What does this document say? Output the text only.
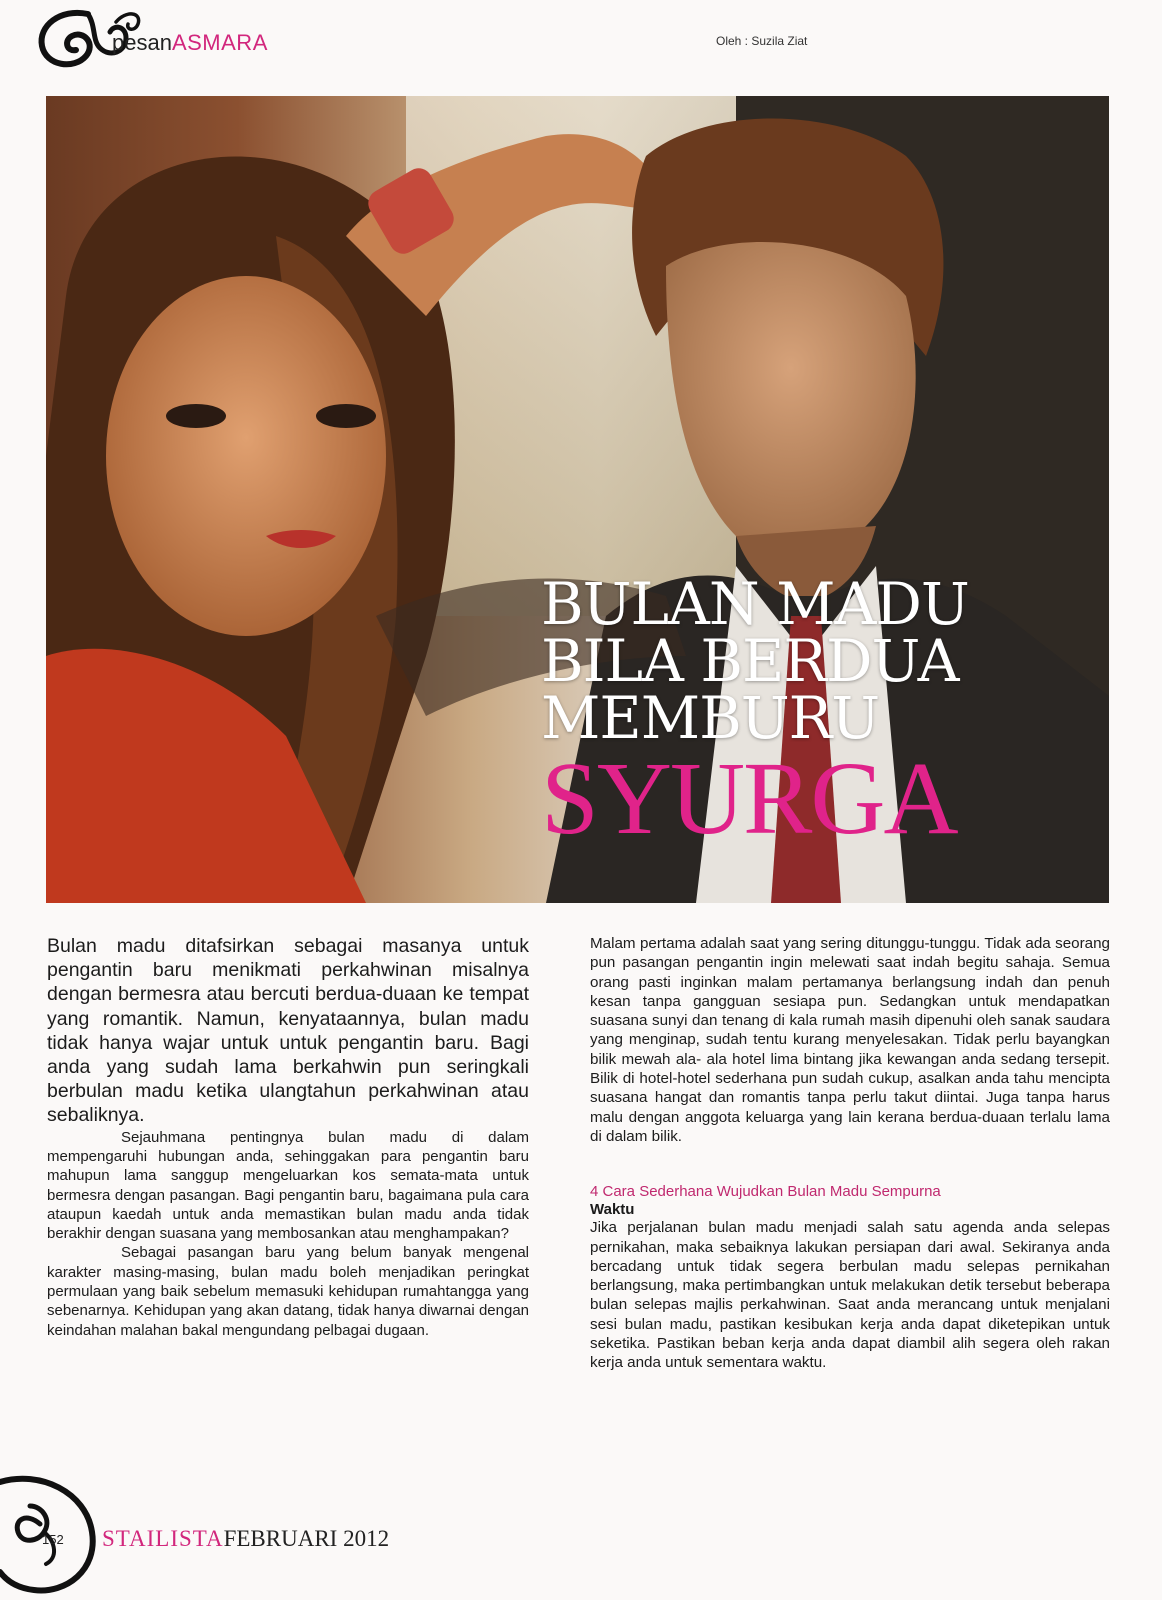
pesanASMARA	Oleh : Suzila Ziat
BULAN MADU
BILA BERDUA
MEMBURU
SYURGA

Bulan madu ditafsirkan sebagai masanya untuk pengantin baru menikmati perkahwinan misalnya dengan bermesra atau bercuti berdua-duaan ke tempat yang romantik. Namun, kenyataannya, bulan madu tidak hanya wajar untuk untuk pengantin baru. Bagi anda yang sudah lama berkahwin pun seringkali berbulan madu ketika ulangtahun perkahwinan atau sebaliknya.

Sejauhmana pentingnya bulan madu di dalam mempengaruhi hubungan anda, sehinggakan para pengantin baru mahupun lama sanggup mengeluarkan kos semata-mata untuk bermesra dengan pasangan. Bagi pengantin baru, bagaimana pula cara ataupun kaedah untuk anda memastikan bulan madu anda tidak berakhir dengan suasana yang membosankan atau menghampakan?

Sebagai pasangan baru yang belum banyak mengenal karakter masing-masing, bulan madu boleh menjadikan peringkat permulaan yang baik sebelum memasuki kehidupan rumahtangga yang sebenarnya. Kehidupan yang akan datang, tidak hanya diwarnai dengan keindahan malahan bakal mengundang pelbagai dugaan.

Malam pertama adalah saat yang sering ditunggu-tunggu. Tidak ada seorang pun pasangan pengantin ingin melewati saat indah begitu sahaja. Semua orang pasti inginkan malam pertamanya berlangsung indah dan penuh kesan tanpa gangguan sesiapa pun. Sedangkan untuk mendapatkan suasana sunyi dan tenang di kala rumah masih dipenuhi oleh sanak saudara yang menginap, sudah tentu kurang menyelesakan. Tidak perlu bayangkan bilik mewah ala- ala hotel lima bintang jika kewangan anda sedang tersepit. Bilik di hotel-hotel sederhana pun sudah cukup, asalkan anda tahu mencipta suasana hangat dan romantis tanpa perlu takut diintai. Juga tanpa harus malu dengan anggota keluarga yang lain kerana berdua-duaan terlalu lama di dalam bilik.

4 Cara Sederhana Wujudkan Bulan Madu Sempurna

Waktu

Jika perjalanan bulan madu menjadi salah satu agenda anda selepas pernikahan, maka sebaiknya lakukan persiapan dari awal. Sekiranya anda bercadang untuk tidak segera berbulan madu selepas pernikahan berlangsung, maka pertimbangkan untuk melakukan detik tersebut beberapa bulan selepas majlis perkahwinan. Saat anda merancang untuk menjalani sesi bulan madu, pastikan kesibukan kerja anda dapat diketepikan untuk seketika. Pastikan beban kerja anda dapat diambil alih segera oleh rakan kerja anda untuk sementara waktu.

152 STAILISTAFEBRUARI 2012
